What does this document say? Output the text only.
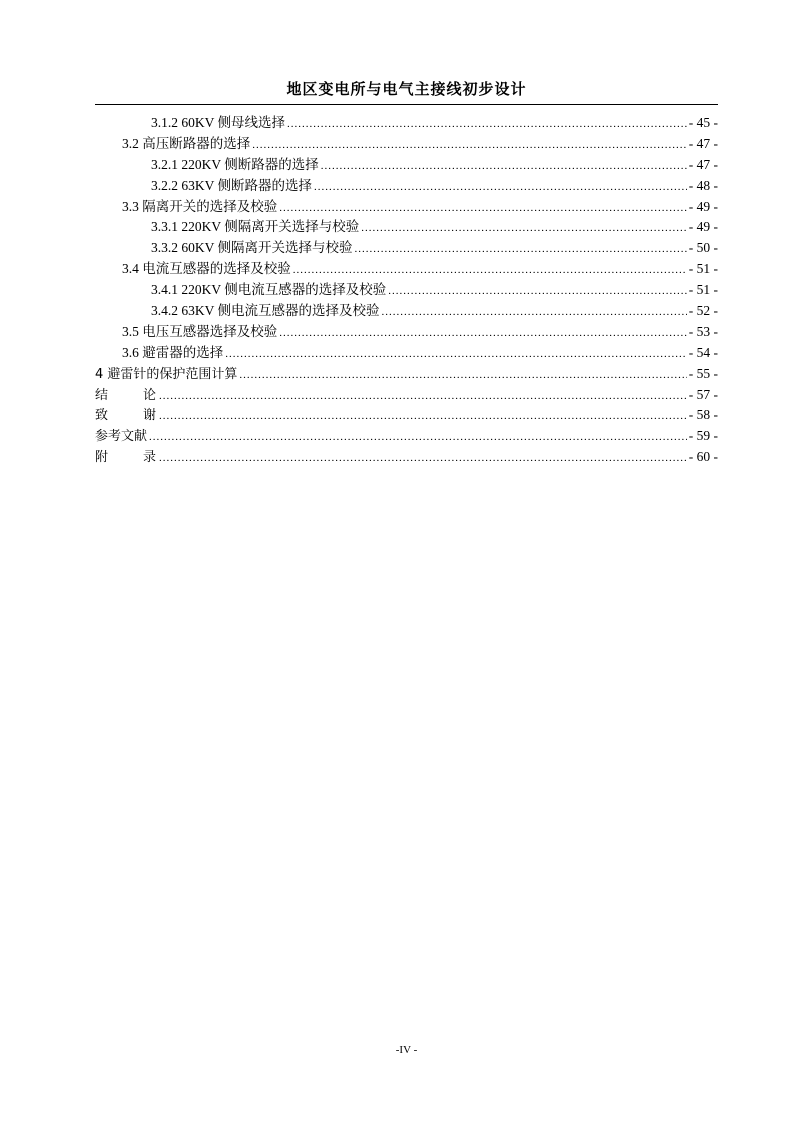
地区变电所与电气主接线初步设计
3.1.2 60KV 侧母线选择 .....	- 45 -
3.2 高压断路器的选择 .....	- 47 -
3.2.1 220KV 侧断路器的选择 .....	- 47 -
3.2.2 63KV 侧断路器的选择 .....	- 48 -
3.3 隔离开关的选择及校验 .....	- 49 -
3.3.1 220KV 侧隔离开关选择与校验 .....	- 49 -
3.3.2 60KV 侧隔离开关选择与校验 .....	- 50 -
3.4 电流互感器的选择及校验 .....	- 51 -
3.4.1 220KV 侧电流互感器的选择及校验 .....	- 51 -
3.4.2 63KV 侧电流互感器的选择及校验 .....	- 52 -
3.5 电压互感器选择及校验 .....	- 53 -
3.6 避雷器的选择 .....	- 54 -
4 避雷针的保护范围计算 .....	- 55 -
结	论 .....	- 57 -
致	谢 .....	- 58 -
参考文献 .....	- 59 -
附	录 .....	- 60 -
-IV -
